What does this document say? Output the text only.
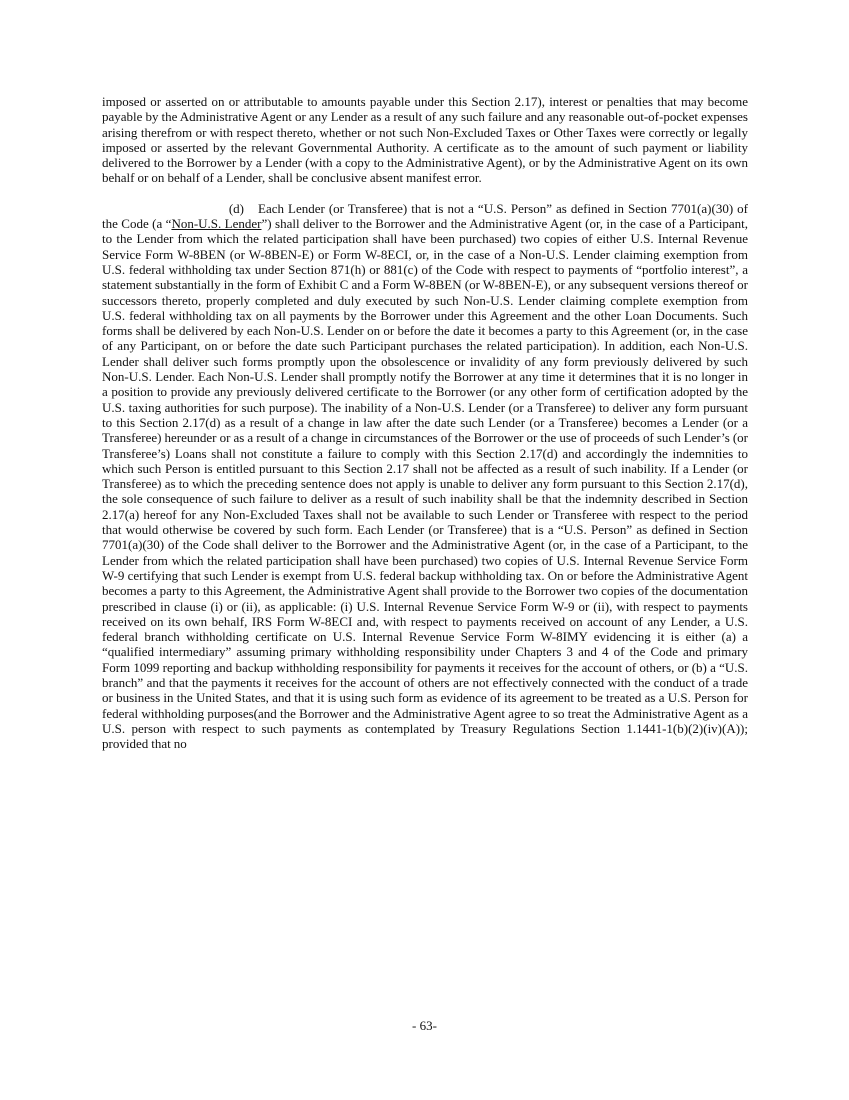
imposed or asserted on or attributable to amounts payable under this Section 2.17), interest or penalties that may become payable by the Administrative Agent or any Lender as a result of any such failure and any reasonable out-of-pocket expenses arising therefrom or with respect thereto, whether or not such Non-Excluded Taxes or Other Taxes were correctly or legally imposed or asserted by the relevant Governmental Authority. A certificate as to the amount of such payment or liability delivered to the Borrower by a Lender (with a copy to the Administrative Agent), or by the Administrative Agent on its own behalf or on behalf of a Lender, shall be conclusive absent manifest error.

(d) Each Lender (or Transferee) that is not a “U.S. Person” as defined in Section 7701(a)(30) of the Code (a “Non-U.S. Lender”) shall deliver to the Borrower and the Administrative Agent (or, in the case of a Participant, to the Lender from which the related participation shall have been purchased) two copies of either U.S. Internal Revenue Service Form W-8BEN (or W-8BEN-E) or Form W-8ECI, or, in the case of a Non-U.S. Lender claiming exemption from U.S. federal withholding tax under Section 871(h) or 881(c) of the Code with respect to payments of “portfolio interest”, a statement substantially in the form of Exhibit C and a Form W-8BEN (or W-8BEN-E), or any subsequent versions thereof or successors thereto, properly completed and duly executed by such Non-U.S. Lender claiming complete exemption from U.S. federal withholding tax on all payments by the Borrower under this Agreement and the other Loan Documents. Such forms shall be delivered by each Non-U.S. Lender on or before the date it becomes a party to this Agreement (or, in the case of any Participant, on or before the date such Participant purchases the related participation). In addition, each Non-U.S. Lender shall deliver such forms promptly upon the obsolescence or invalidity of any form previously delivered by such Non-U.S. Lender. Each Non-U.S. Lender shall promptly notify the Borrower at any time it determines that it is no longer in a position to provide any previously delivered certificate to the Borrower (or any other form of certification adopted by the U.S. taxing authorities for such purpose). The inability of a Non-U.S. Lender (or a Transferee) to deliver any form pursuant to this Section 2.17(d) as a result of a change in law after the date such Lender (or a Transferee) becomes a Lender (or a Transferee) hereunder or as a result of a change in circumstances of the Borrower or the use of proceeds of such Lender’s (or Transferee’s) Loans shall not constitute a failure to comply with this Section 2.17(d) and accordingly the indemnities to which such Person is entitled pursuant to this Section 2.17 shall not be affected as a result of such inability. If a Lender (or Transferee) as to which the preceding sentence does not apply is unable to deliver any form pursuant to this Section 2.17(d), the sole consequence of such failure to deliver as a result of such inability shall be that the indemnity described in Section 2.17(a) hereof for any Non-Excluded Taxes shall not be available to such Lender or Transferee with respect to the period that would otherwise be covered by such form. Each Lender (or Transferee) that is a “U.S. Person” as defined in Section 7701(a)(30) of the Code shall deliver to the Borrower and the Administrative Agent (or, in the case of a Participant, to the Lender from which the related participation shall have been purchased) two copies of U.S. Internal Revenue Service Form W-9 certifying that such Lender is exempt from U.S. federal backup withholding tax. On or before the Administrative Agent becomes a party to this Agreement, the Administrative Agent shall provide to the Borrower two copies of the documentation prescribed in clause (i) or (ii), as applicable: (i) U.S. Internal Revenue Service Form W-9 or (ii), with respect to payments received on its own behalf, IRS Form W-8ECI and, with respect to payments received on account of any Lender, a U.S. federal branch withholding certificate on U.S. Internal Revenue Service Form W-8IMY evidencing it is either (a) a “qualified intermediary” assuming primary withholding responsibility under Chapters 3 and 4 of the Code and primary Form 1099 reporting and backup withholding responsibility for payments it receives for the account of others, or (b) a “U.S. branch” and that the payments it receives for the account of others are not effectively connected with the conduct of a trade or business in the United States, and that it is using such form as evidence of its agreement to be treated as a U.S. Person for federal withholding purposes(and the Borrower and the Administrative Agent agree to so treat the Administrative Agent as a U.S. person with respect to such payments as contemplated by Treasury Regulations Section 1.1441-1(b)(2)(iv)(A)); provided that no

- 63-
